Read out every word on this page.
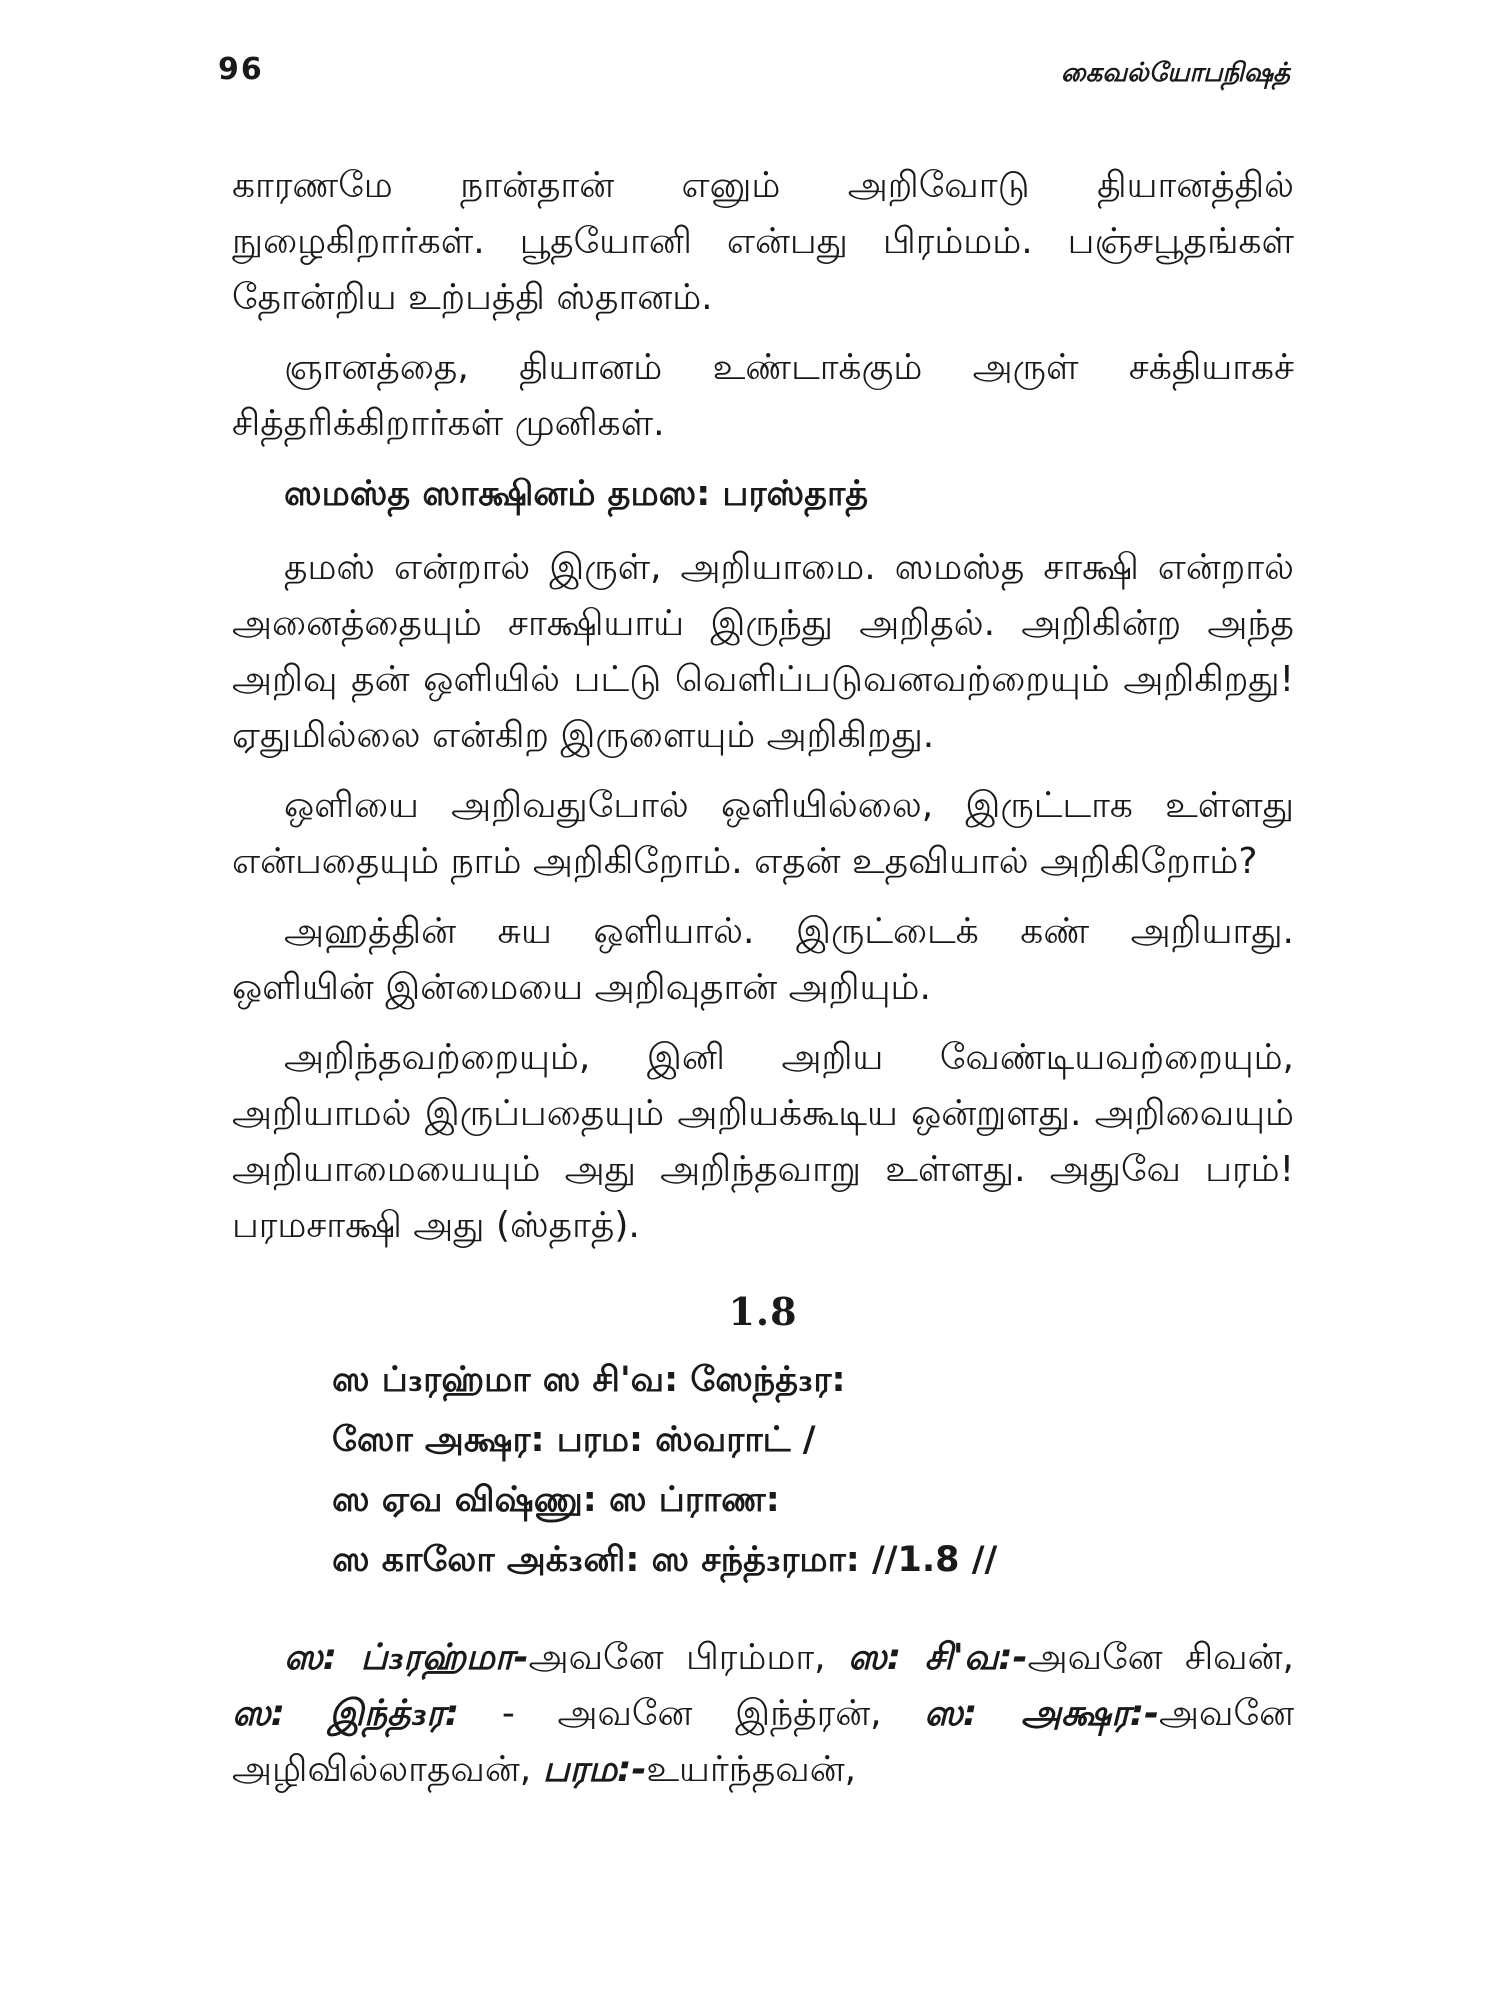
96	கைவல்யோபநிஷத்

காரணமே நான்தான் எனும் அறிவோடு தியானத்தில் நுழைகிறார்கள். பூதயோனி என்பது பிரம்மம். பஞ்சபூதங்கள் தோன்றிய உற்பத்தி ஸ்தானம்.

ஞானத்தை, தியானம் உண்டாக்கும் அருள் சக்தியாகச் சித்தரிக்கிறார்கள் முனிகள்.

ஸமஸ்த ஸாக்ஷினம் தமஸ: பரஸ்தாத்

தமஸ் என்றால் இருள், அறியாமை. ஸமஸ்த சாக்ஷி என்றால் அனைத்தையும் சாக்ஷியாய் இருந்து அறிதல். அறிகின்ற அந்த அறிவு தன் ஒளியில் பட்டு வெளிப்படுவனவற்றையும் அறிகிறது! ஏதுமில்லை என்கிற இருளையும் அறிகிறது.

ஒளியை அறிவதுபோல் ஒளியில்லை, இருட்டாக உள்ளது என்பதையும் நாம் அறிகிறோம். எதன் உதவியால் அறிகிறோம்?

அஹத்தின் சுய ஒளியால். இருட்டைக் கண் அறியாது. ஒளியின் இன்மையை அறிவுதான் அறியும்.

அறிந்தவற்றையும், இனி அறிய வேண்டியவற்றையும், அறியாமல் இருப்பதையும் அறியக்கூடிய ஒன்றுளது. அறிவையும் அறியாமையையும் அது அறிந்தவாறு உள்ளது. அதுவே பரம்! பரமசாக்ஷி அது (ஸ்தாத்).

1.8
ஸ ப்₃ரஹ்மா ஸ சி'வ: ஸேந்த்₃ர:
ஸோ அக்ஷர: பரம: ஸ்வராட் /
ஸ ஏவ விஷ்ணு: ஸ ப்ராண:
ஸ காலோ அக்₃னி: ஸ சந்த்₃ரமா: //1.8 //

ஸ: ப்₃ரஹ்மா-அவனே பிரம்மா, ஸ: சி'வ:-அவனே சிவன், ஸ: இந்த்₃ர: - அவனே இந்த்ரன், ஸ: அக்ஷர:-அவனே அழிவில்லாதவன், பரம:-உயர்ந்தவன்,
